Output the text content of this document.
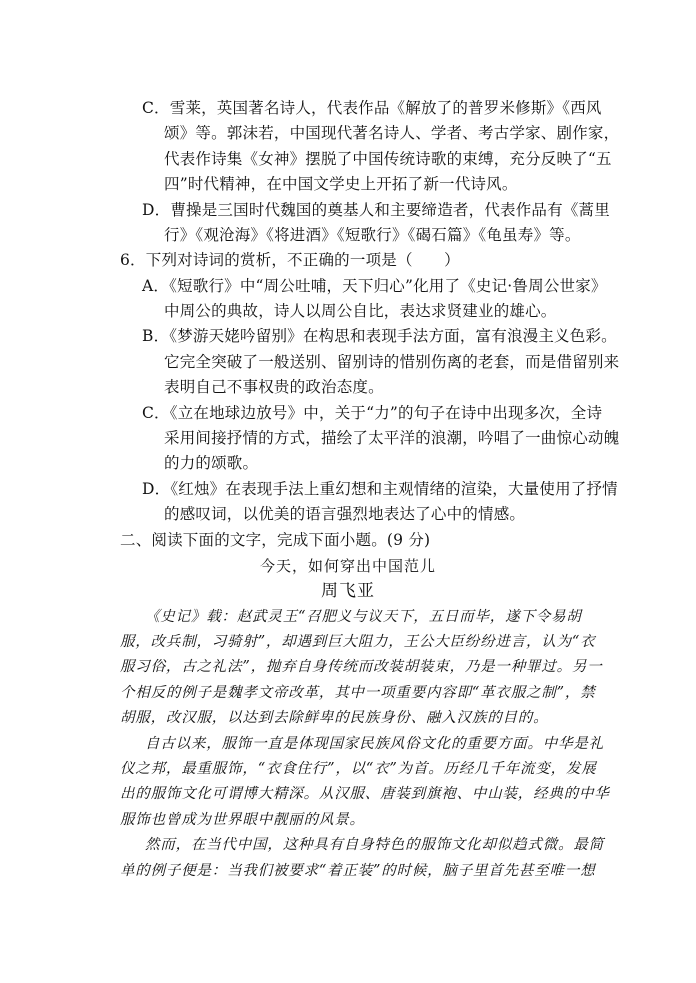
C．雪莱，英国著名诗人，代表作品《解放了的普罗米修斯》《西风
颂》等。郭沫若，中国现代著名诗人、学者、考古学家、剧作家，
代表作诗集《女神》摆脱了中国传统诗歌的束缚，充分反映了“五
四”时代精神，在中国文学史上开拓了新一代诗风。
D．曹操是三国时代魏国的奠基人和主要缔造者，代表作品有《蒿里
行》《观沧海》《将进酒》《短歌行》《碣石篇》《龟虽寿》等。
6．下列对诗词的赏析，不正确的一项是（　　）
A．《短歌行》中“周公吐哺，天下归心”化用了《史记·鲁周公世家》
中周公的典故，诗人以周公自比，表达求贤建业的雄心。
B．《梦游天姥吟留别》在构思和表现手法方面，富有浪漫主义色彩。
它完全突破了一般送别、留别诗的惜别伤离的老套，而是借留别来
表明自己不事权贵的政治态度。
C．《立在地球边放号》中，关于“力”的句子在诗中出现多次，全诗
采用间接抒情的方式，描绘了太平洋的浪潮，吟唱了一曲惊心动魄
的力的颂歌。
D．《红烛》在表现手法上重幻想和主观情绪的渲染，大量使用了抒情
的感叹词，以优美的语言强烈地表达了心中的情感。
二、阅读下面的文字，完成下面小题。(9 分)
今天，如何穿出中国范儿
周飞亚
《史记》载：赵武灵王“召肥义与议天下，五日而毕，遂下令易胡
服，改兵制，习骑射”，却遇到巨大阻力，王公大臣纷纷进言，认为“衣
服习俗，古之礼法”，抛弃自身传统而改装胡装束，乃是一种罪过。另一
个相反的例子是魏孝文帝改革，其中一项重要内容即“革衣服之制”，禁
胡服，改汉服，以达到去除鲜卑的民族身份、融入汉族的目的。
自古以来，服饰一直是体现国家民族风俗文化的重要方面。中华是礼
仪之邦，最重服饰，“衣食住行”，以“衣”为首。历经几千年流变，发展
出的服饰文化可谓博大精深。从汉服、唐装到旗袍、中山装，经典的中华
服饰也曾成为世界眼中靓丽的风景。
然而，在当代中国，这种具有自身特色的服饰文化却似趋式微。最简
单的例子便是：当我们被要求“着正装”的时候，脑子里首先甚至唯一想
